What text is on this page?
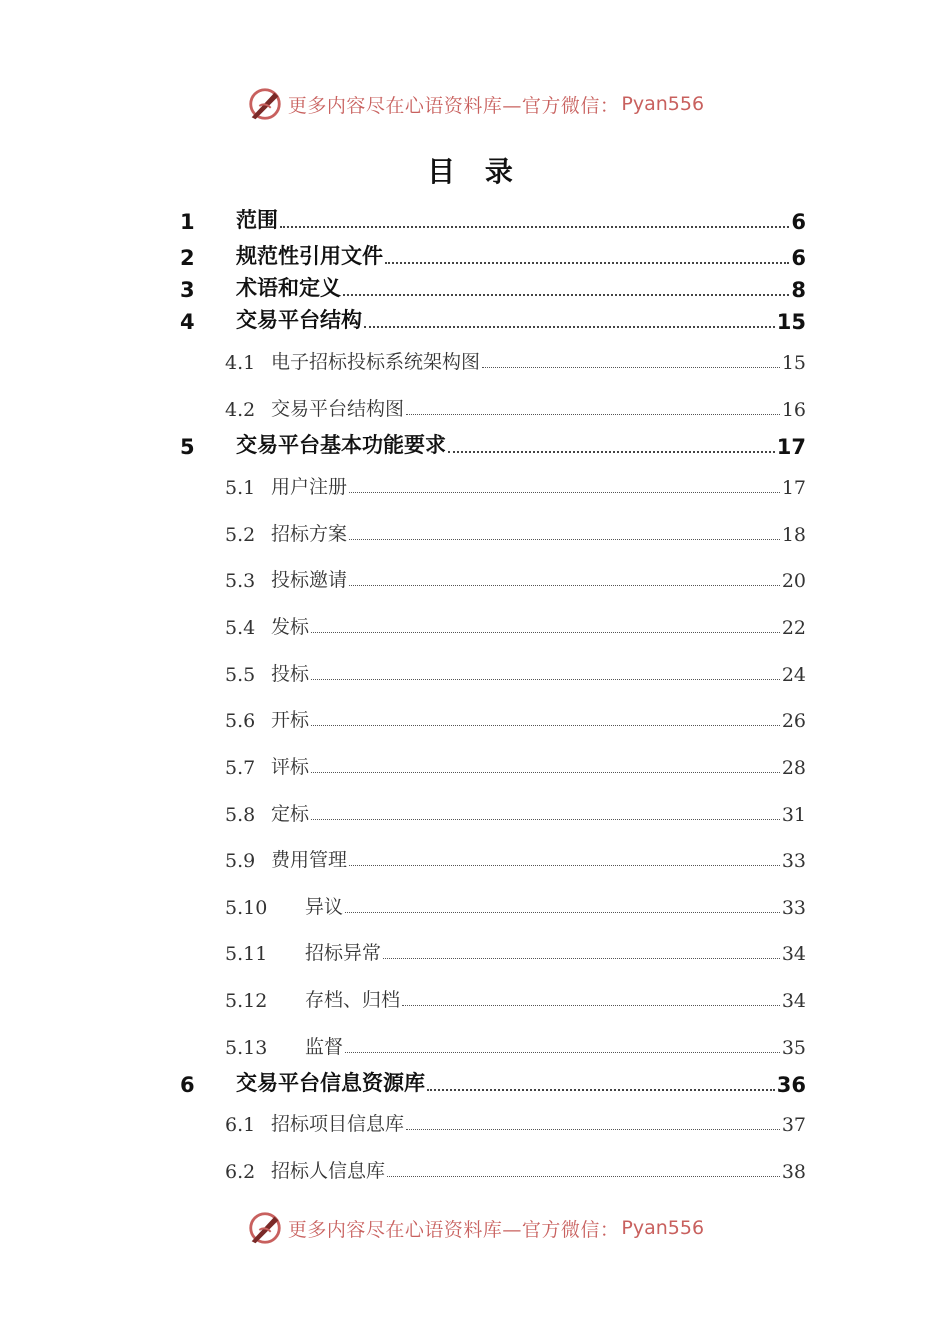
更多内容尽在心语资料库—官方微信： Pyan556
目 录
1	范围	6
2	规范性引用文件	6
3	术语和定义	8
4	交易平台结构	15
4.1 电子招标投标系统架构图	15
4.2 交易平台结构图	16
5	交易平台基本功能要求	17
5.1 用户注册	17
5.2 招标方案	18
5.3 投标邀请	20
5.4 发标	22
5.5 投标	24
5.6 开标	26
5.7 评标	28
5.8 定标	31
5.9 费用管理	33
5.10	异议	33
5.11	招标异常	34
5.12	存档、归档	34
5.13	监督	35
6	交易平台信息资源库	36
6.1 招标项目信息库	37
6.2 招标人信息库	38
更多内容尽在心语资料库—官方微信： Pyan556
